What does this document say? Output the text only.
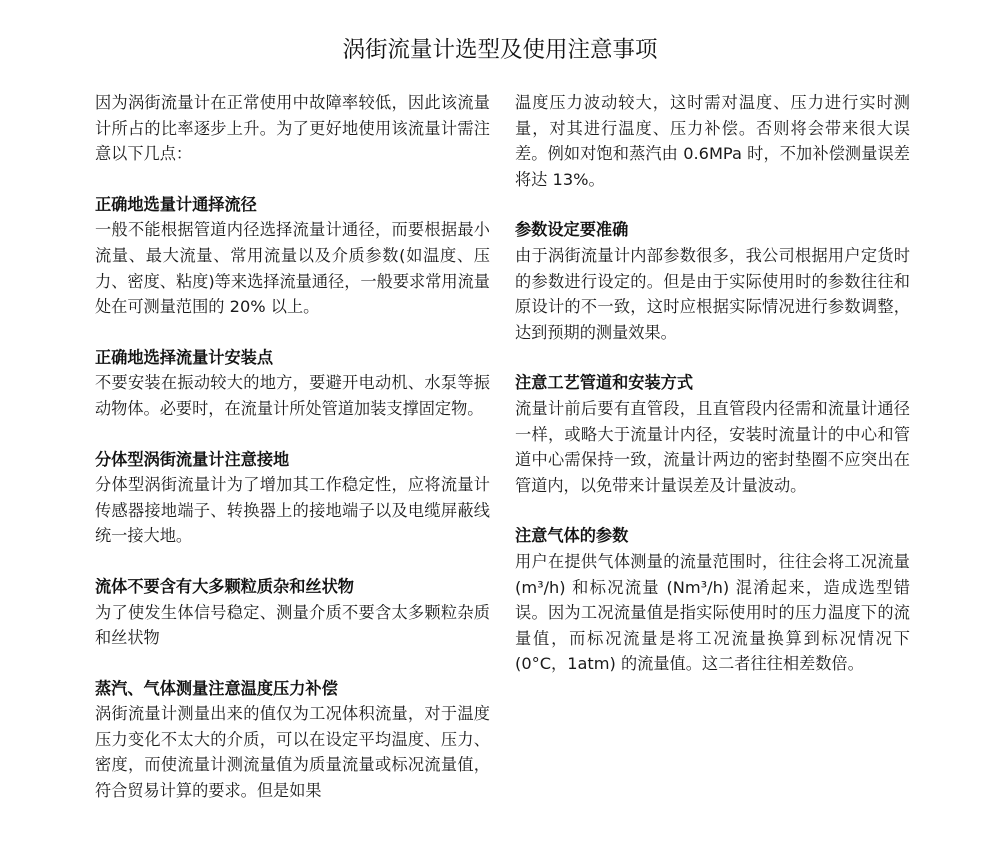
涡街流量计选型及使用注意事项

因为涡街流量计在正常使用中故障率较低，因此该流量计所占的比率逐步上升。为了更好地使用该流量计需注意以下几点：

正确地选量计通择流径

一般不能根据管道内径选择流量计通径，而要根据最小流量、最大流量、常用流量以及介质参数(如温度、压力、密度、粘度)等来选择流量通径，一般要求常用流量处在可测量范围的 20% 以上。

正确地选择流量计安装点

不要安装在振动较大的地方，要避开电动机、水泵等振动物体。必要时，在流量计所处管道加装支撑固定物。

分体型涡街流量计注意接地

分体型涡街流量计为了增加其工作稳定性，应将流量计传感器接地端子、转换器上的接地端子以及电缆屏蔽线统一接大地。

流体不要含有大多颗粒质杂和丝状物

为了使发生体信号稳定、测量介质不要含太多颗粒杂质和丝状物

蒸汽、气体测量注意温度压力补偿

涡街流量计测量出来的值仅为工况体积流量，对于温度压力变化不太大的介质，可以在设定平均温度、压力、密度，而使流量计测流量值为质量流量或标况流量值，符合贸易计算的要求。但是如果

温度压力波动较大，这时需对温度、压力进行实时测量，对其进行温度、压力补偿。否则将会带来很大误差。例如对饱和蒸汽由 0.6MPa 时，不加补偿测量误差将达 13%。

参数设定要准确

由于涡街流量计内部参数很多，我公司根据用户定货时的参数进行设定的。但是由于实际使用时的参数往往和原设计的不一致，这时应根据实际情况进行参数调整，达到预期的测量效果。

注意工艺管道和安装方式

流量计前后要有直管段，且直管段内径需和流量计通径一样，或略大于流量计内径，安装时流量计的中心和管道中心需保持一致，流量计两边的密封垫圈不应突出在管道内，以免带来计量误差及计量波动。

注意气体的参数

用户在提供气体测量的流量范围时，往往会将工况流量(m³/h) 和标况流量 (Nm³/h) 混淆起来，造成选型错误。因为工况流量值是指实际使用时的压力温度下的流量值，而标况流量是将工况流量换算到标况情况下 (0°C，1atm) 的流量值。这二者往往相差数倍。
